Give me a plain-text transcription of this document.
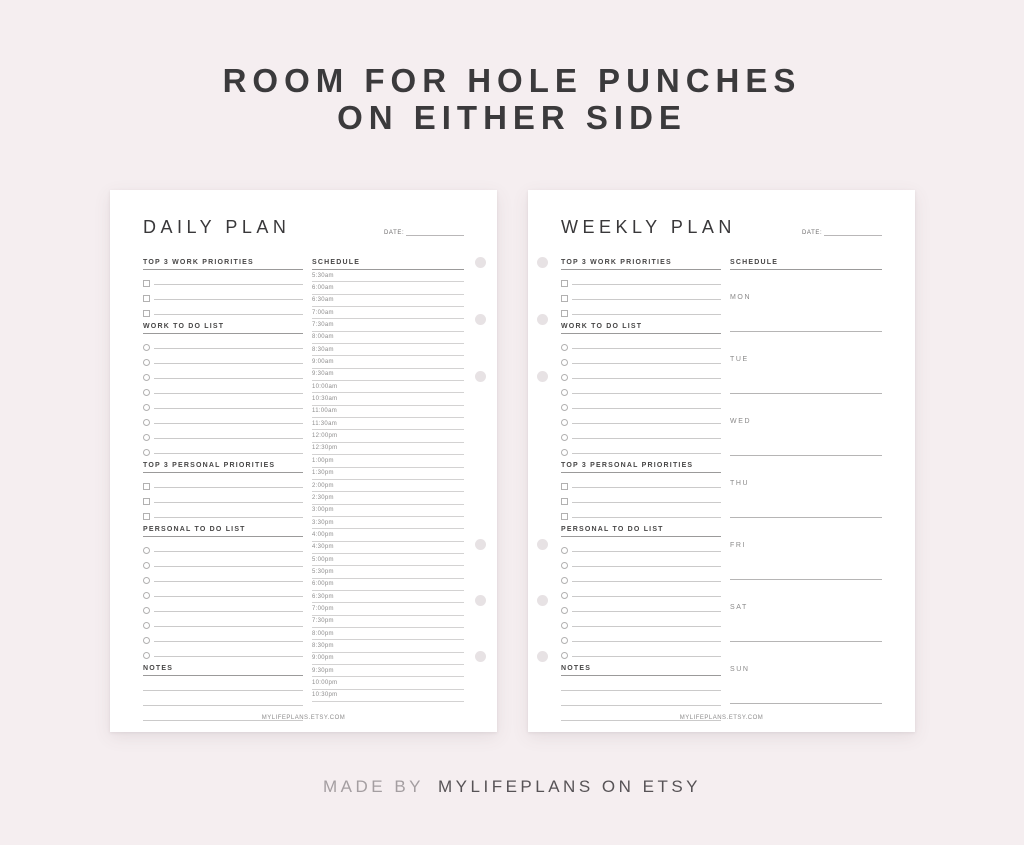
ROOM FOR HOLE PUNCHES
ON EITHER SIDE
DAILY PLAN	DATE:
TOP 3 WORK PRIORITIES
WORK TO DO LIST
TOP 3 PERSONAL PRIORITIES
PERSONAL TO DO LIST
NOTES
SCHEDULE
5:30am
6:00am
6:30am
7:00am
7:30am
8:00am
8:30am
9:00am
9:30am
10:00am
10:30am
11:00am
11:30am
12:00pm
12:30pm
1:00pm
1:30pm
2:00pm
2:30pm
3:00pm
3:30pm
4:00pm
4:30pm
5:00pm
5:30pm
6:00pm
6:30pm
7:00pm
7:30pm
8:00pm
8:30pm
9:00pm
9:30pm
10:00pm
10:30pm
MYLIFEPLANS.ETSY.COM
WEEKLY PLAN	DATE:
TOP 3 WORK PRIORITIES
WORK TO DO LIST
TOP 3 PERSONAL PRIORITIES
PERSONAL TO DO LIST
NOTES
SCHEDULE
MON
TUE
WED
THU
FRI
SAT
SUN
MYLIFEPLANS.ETSY.COM
MADE BY MYLIFEPLANS ON ETSY
